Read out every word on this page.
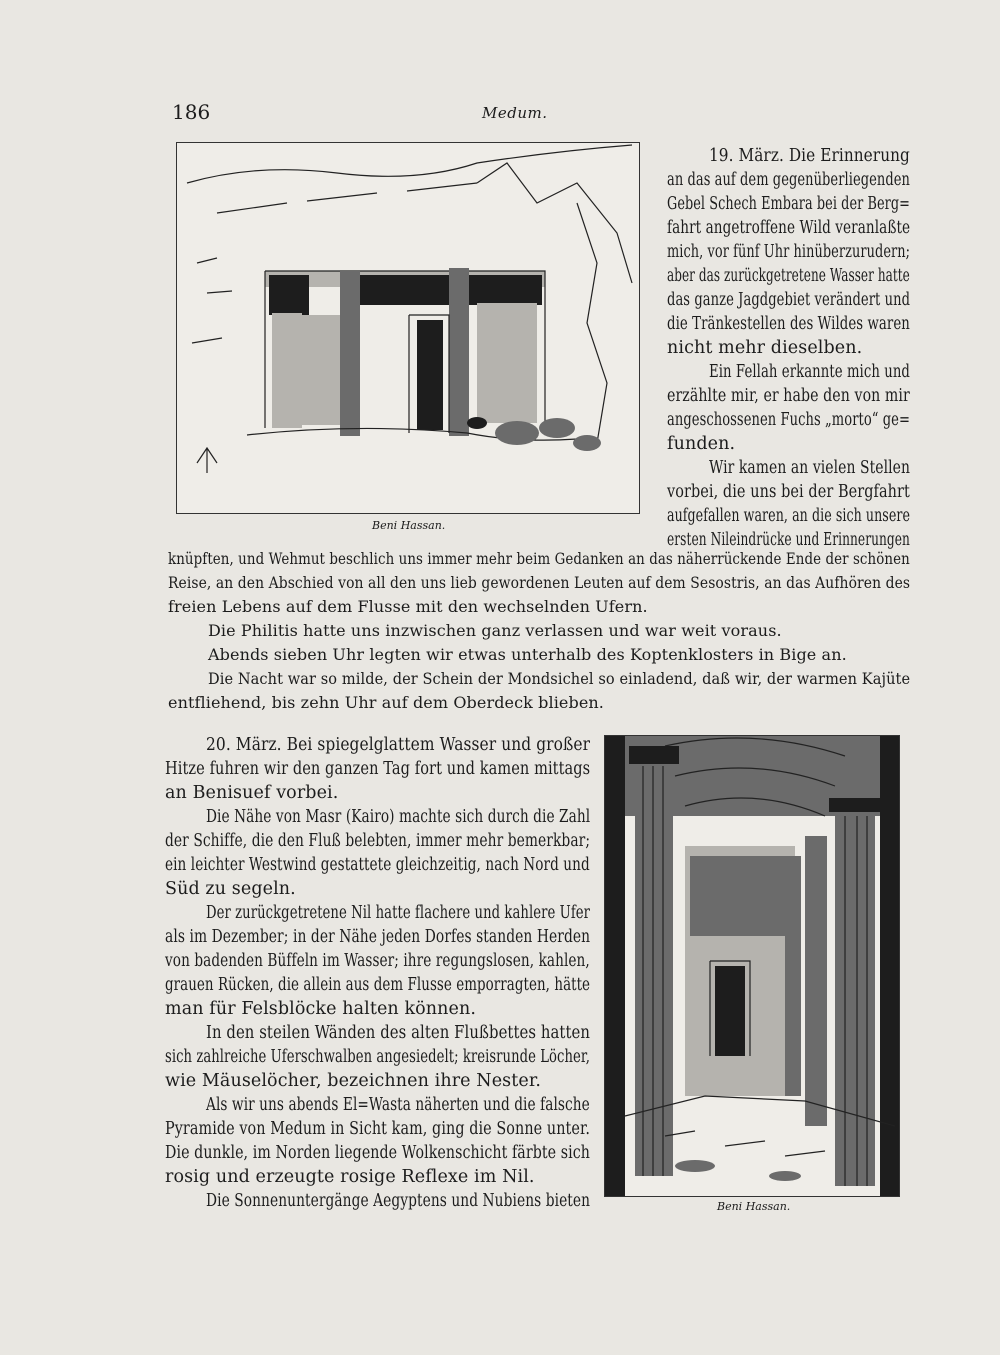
186	Medum.
Beni Hassan.
19. März. Die Erinnerung
an das auf dem gegenüberliegenden
Gebel Schech Embara bei der Berg=
fahrt angetroffene Wild veranlaßte
mich, vor fünf Uhr hinüberzurudern;
aber das zurückgetretene Wasser hatte
das ganze Jagdgebiet verändert und
die Tränkestellen des Wildes waren
nicht mehr dieselben.
Ein Fellah erkannte mich und
erzählte mir, er habe den von mir
angeschossenen Fuchs „morto“ ge=
funden.
Wir kamen an vielen Stellen
vorbei, die uns bei der Bergfahrt
aufgefallen waren, an die sich unsere
ersten Nileindrücke und Erinnerungen
knüpften, und Wehmut beschlich uns immer mehr beim Gedanken an das näherrückende Ende der schönen
Reise, an den Abschied von all den uns lieb gewordenen Leuten auf dem Sesostris, an das Aufhören des
freien Lebens auf dem Flusse mit den wechselnden Ufern.
Die Philitis hatte uns inzwischen ganz verlassen und war weit voraus.
Abends sieben Uhr legten wir etwas unterhalb des Koptenklosters in Bige an.
Die Nacht war so milde, der Schein der Mondsichel so einladend, daß wir, der warmen Kajüte
entfliehend, bis zehn Uhr auf dem Oberdeck blieben.
Beni Hassan.
20. März. Bei spiegelglattem Wasser und großer
Hitze fuhren wir den ganzen Tag fort und kamen mittags
an Benisuef vorbei.
Die Nähe von Masr (Kairo) machte sich durch die Zahl
der Schiffe, die den Fluß belebten, immer mehr bemerkbar;
ein leichter Westwind gestattete gleichzeitig, nach Nord und
Süd zu segeln.
Der zurückgetretene Nil hatte flachere und kahlere Ufer
als im Dezember; in der Nähe jeden Dorfes standen Herden
von badenden Büffeln im Wasser; ihre regungslosen, kahlen,
grauen Rücken, die allein aus dem Flusse emporragten, hätte
man für Felsblöcke halten können.
In den steilen Wänden des alten Flußbettes hatten
sich zahlreiche Uferschwalben angesiedelt; kreisrunde Löcher,
wie Mäuselöcher, bezeichnen ihre Nester.
Als wir uns abends El=Wasta näherten und die falsche
Pyramide von Medum in Sicht kam, ging die Sonne unter.
Die dunkle, im Norden liegende Wolkenschicht färbte sich
rosig und erzeugte rosige Reflexe im Nil.
Die Sonnenuntergänge Aegyptens und Nubiens bieten
